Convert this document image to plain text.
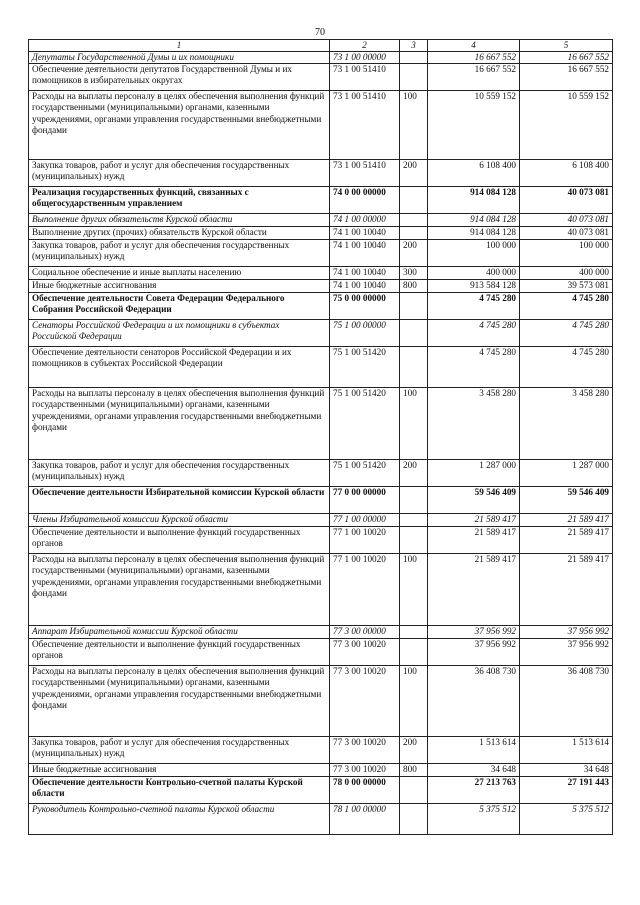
70
1	2	3	4	5
Депутаты Государственной Думы и их помощники	73 1 00 00000		16 667 552	16 667 552
Обеспечение деятельности депутатов Государственной Думы и их помощников в избирательных округах	73 1 00 51410		16 667 552	16 667 552
Расходы на выплаты персоналу в целях обеспечения выполнения функций государственными (муниципальными) органами, казенными учреждениями, органами управления государственными внебюджетными фондами	73 1 00 51410	100	10 559 152	10 559 152
Закупка товаров, работ и услуг для обеспечения государственных (муниципальных) нужд	73 1 00 51410	200	6 108 400	6 108 400
Реализация государственных функций, связанных с общегосударственным управлением	74 0 00 00000		914 084 128	40 073 081
Выполнение других обязательств Курской области	74 1 00 00000		914 084 128	40 073 081
Выполнение других (прочих) обязательств Курской области	74 1 00 10040		914 084 128	40 073 081
Закупка товаров, работ и услуг для обеспечения государственных (муниципальных) нужд	74 1 00 10040	200	100 000	100 000
Социальное обеспечение и иные выплаты населению	74 1 00 10040	300	400 000	400 000
Иные бюджетные ассигнования	74 1 00 10040	800	913 584 128	39 573 081
Обеспечение деятельности Совета Федерации Федерального Собрания Российской Федерации	75 0 00 00000		4 745 280	4 745 280
Сенаторы Российской Федерации и их помощники в субъектах Российской Федерации	75 1 00 00000		4 745 280	4 745 280
Обеспечение деятельности сенаторов Российской Федерации и их помощников в субъектах Российской Федерации	75 1 00 51420		4 745 280	4 745 280
Расходы на выплаты персоналу в целях обеспечения выполнения функций государственными (муниципальными) органами, казенными учреждениями, органами управления государственными внебюджетными фондами	75 1 00 51420	100	3 458 280	3 458 280
Закупка товаров, работ и услуг для обеспечения государственных (муниципальных) нужд	75 1 00 51420	200	1 287 000	1 287 000
Обеспечение деятельности Избирательной комиссии Курской области	77 0 00 00000		59 546 409	59 546 409
Члены Избирательной комиссии Курской области	77 1 00 00000		21 589 417	21 589 417
Обеспечение деятельности и выполнение функций государственных органов	77 1 00 10020		21 589 417	21 589 417
Расходы на выплаты персоналу в целях обеспечения выполнения функций государственными (муниципальными) органами, казенными учреждениями, органами управления государственными внебюджетными фондами	77 1 00 10020	100	21 589 417	21 589 417
Аппарат Избирательной комиссии Курской области	77 3 00 00000		37 956 992	37 956 992
Обеспечение деятельности и выполнение функций государственных органов	77 3 00 10020		37 956 992	37 956 992
Расходы на выплаты персоналу в целях обеспечения выполнения функций государственными (муниципальными) органами, казенными учреждениями, органами управления государственными внебюджетными фондами	77 3 00 10020	100	36 408 730	36 408 730
Закупка товаров, работ и услуг для обеспечения государственных (муниципальных) нужд	77 3 00 10020	200	1 513 614	1 513 614
Иные бюджетные ассигнования	77 3 00 10020	800	34 648	34 648
Обеспечение деятельности Контрольно-счетной палаты Курской области	78 0 00 00000		27 213 763	27 191 443
Руководитель Контрольно-счетной палаты Курской области	78 1 00 00000		5 375 512	5 375 512
